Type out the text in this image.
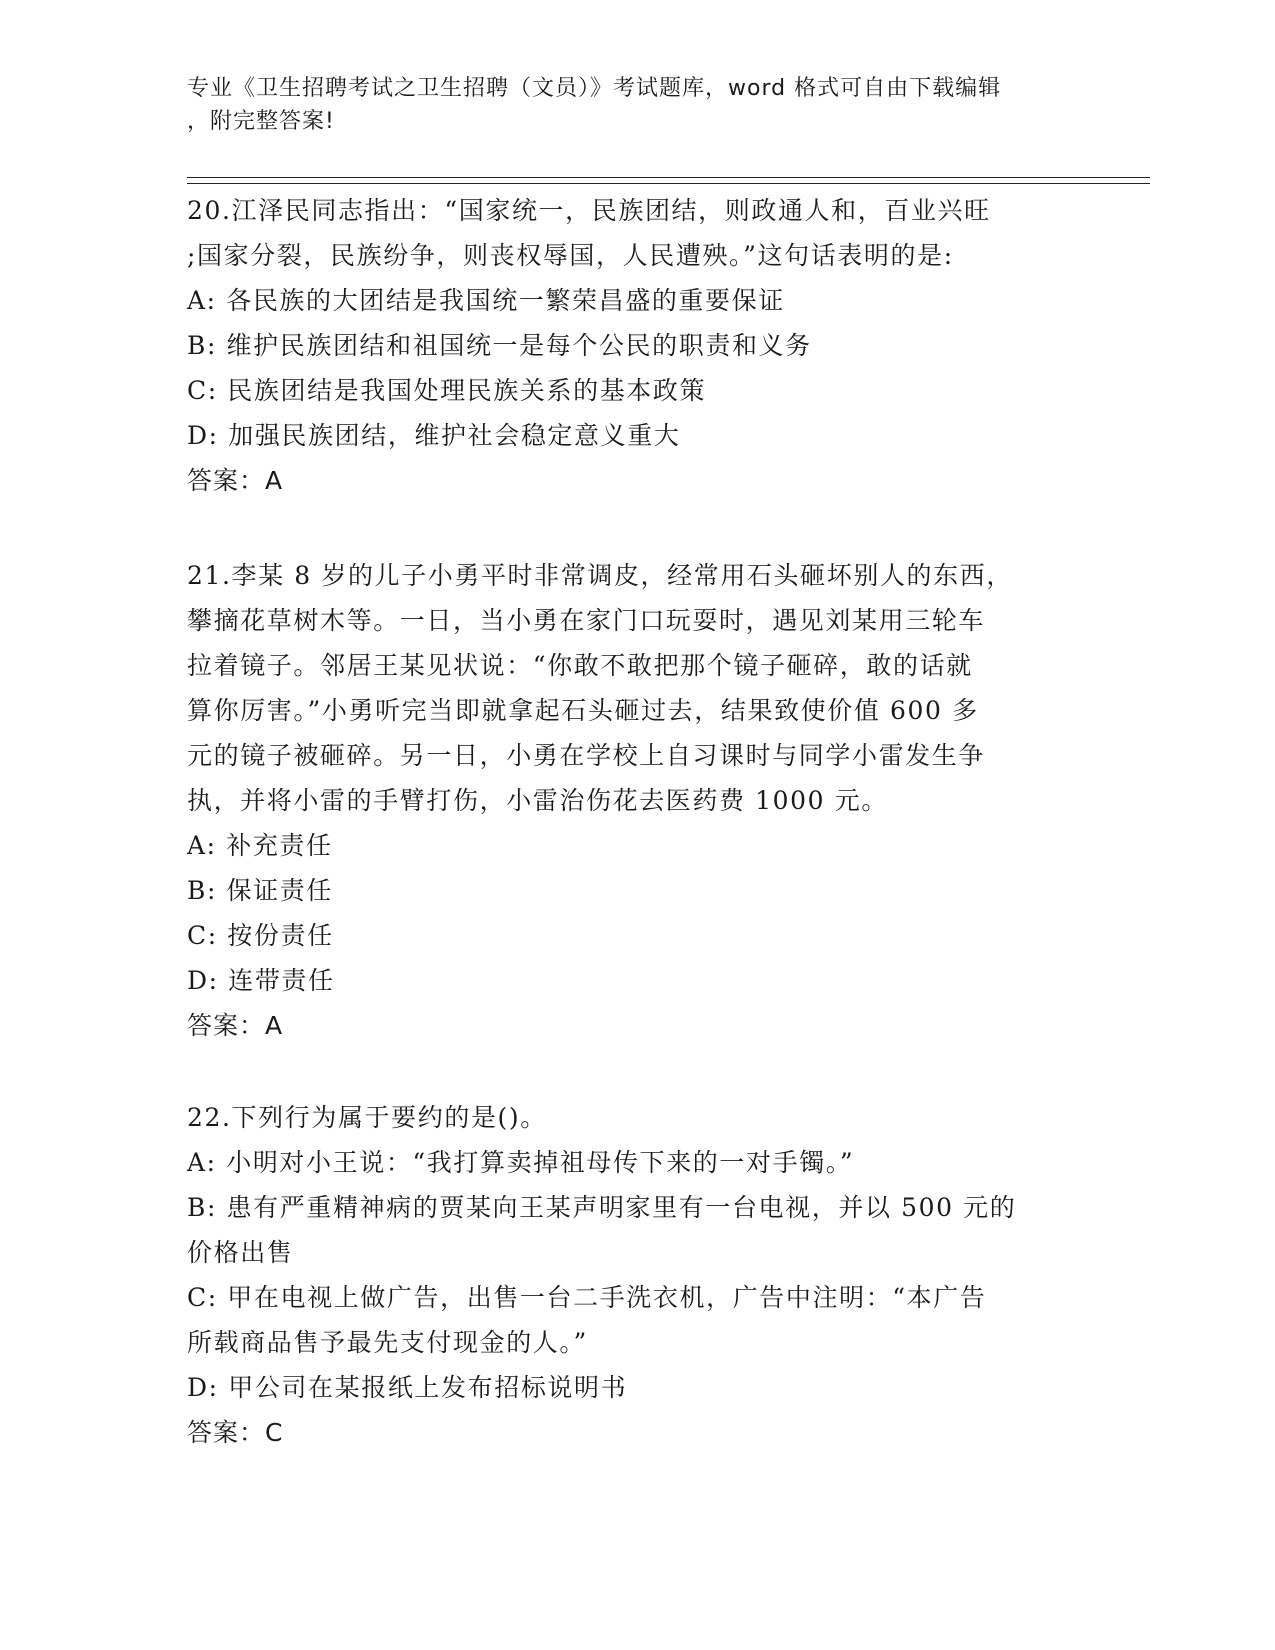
专业《卫生招聘考试之卫生招聘（文员）》考试题库，word 格式可自由下载编辑
，附完整答案!
20.江泽民同志指出：“国家统一，民族团结，则政通人和，百业兴旺
;国家分裂，民族纷争，则丧权辱国，人民遭殃。”这句话表明的是:
A: 各民族的大团结是我国统一繁荣昌盛的重要保证
B: 维护民族团结和祖国统一是每个公民的职责和义务
C: 民族团结是我国处理民族关系的基本政策
D: 加强民族团结，维护社会稳定意义重大
答案：A
21.李某 8 岁的儿子小勇平时非常调皮，经常用石头砸坏别人的东西，
攀摘花草树木等。一日，当小勇在家门口玩耍时，遇见刘某用三轮车
拉着镜子。邻居王某见状说：“你敢不敢把那个镜子砸碎，敢的话就
算你厉害。”小勇听完当即就拿起石头砸过去，结果致使价值 600 多
元的镜子被砸碎。另一日，小勇在学校上自习课时与同学小雷发生争
执，并将小雷的手臂打伤，小雷治伤花去医药费 1000 元。
A: 补充责任
B: 保证责任
C: 按份责任
D: 连带责任
答案：A
22.下列行为属于要约的是()。
A: 小明对小王说：“我打算卖掉祖母传下来的一对手镯。”
B: 患有严重精神病的贾某向王某声明家里有一台电视，并以 500 元的
价格出售
C: 甲在电视上做广告，出售一台二手洗衣机，广告中注明：“本广告
所载商品售予最先支付现金的人。”
D: 甲公司在某报纸上发布招标说明书
答案：C
